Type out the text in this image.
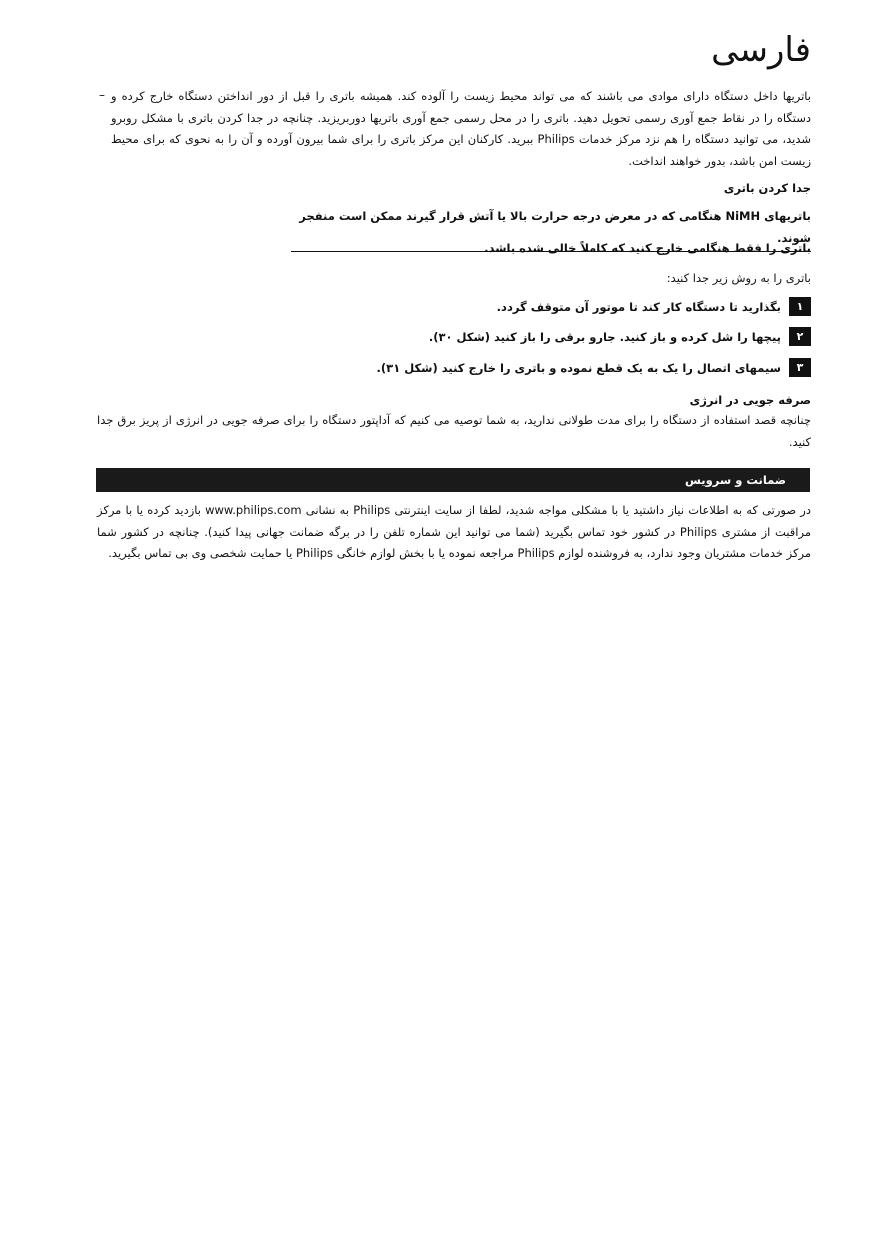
فارسی
– باتریها داخل دستگاه دارای موادی می باشند که می تواند محیط زیست را آلوده کند. همیشه باتری را قبل از دور انداختن دستگاه خارج کرده و دستگاه را در نقاط جمع آوری رسمی تحویل دهید. باتری را در محل رسمی جمع آوری باتریها دوربریزید. چنانچه در جدا کردن باتری با مشکل روبرو شدید، می توانید دستگاه را هم نزد مرکز خدمات Philips ببرید. کارکنان این مرکز باتری را برای شما بیرون آورده و آن را به نحوی که برای محیط زیست امن باشد، بدور خواهند انداخت.
جدا کردن باتری
باتریهای NiMH هنگامی که در معرض درجه حرارت بالا یا آتش قرار گیرند ممکن است منفجر شوند.
باتری را فقط هنگامی خارج کنید که کاملاً خالی شده باشد.
باتری را به روش زیر جدا کنید:
۱
بگذارید تا دستگاه کار کند تا موتور آن متوقف گردد.
۲
پیچها را شل کرده و باز کنید. جارو برقی را باز کنید (شکل ۳۰).
۳
سیمهای اتصال را یک به یک قطع نموده و باتری را خارج کنید (شکل ۳۱).
صرفه جویی در انرژی
چنانچه قصد استفاده از دستگاه را برای مدت طولانی ندارید، به شما توصیه می کنیم که آداپتور دستگاه را برای صرفه جویی در انرژی از پریز برق جدا کنید.
ضمانت و سرویس
در صورتی که به اطلاعات نیاز داشتید یا با مشکلی مواجه شدید، لطفا از سایت اینترنتی Philips به نشانی www.philips.com بازدید کرده یا با مرکز مراقبت از مشتری Philips در کشور خود تماس بگیرید (شما می توانید این شماره تلفن را در برگه ضمانت جهانی پیدا کنید). چنانچه در کشور شما مرکز خدمات مشتریان وجود ندارد، به فروشنده لوازم Philips مراجعه نموده یا با بخش لوازم خانگی Philips یا حمایت شخصی وی بی تماس بگیرید.
